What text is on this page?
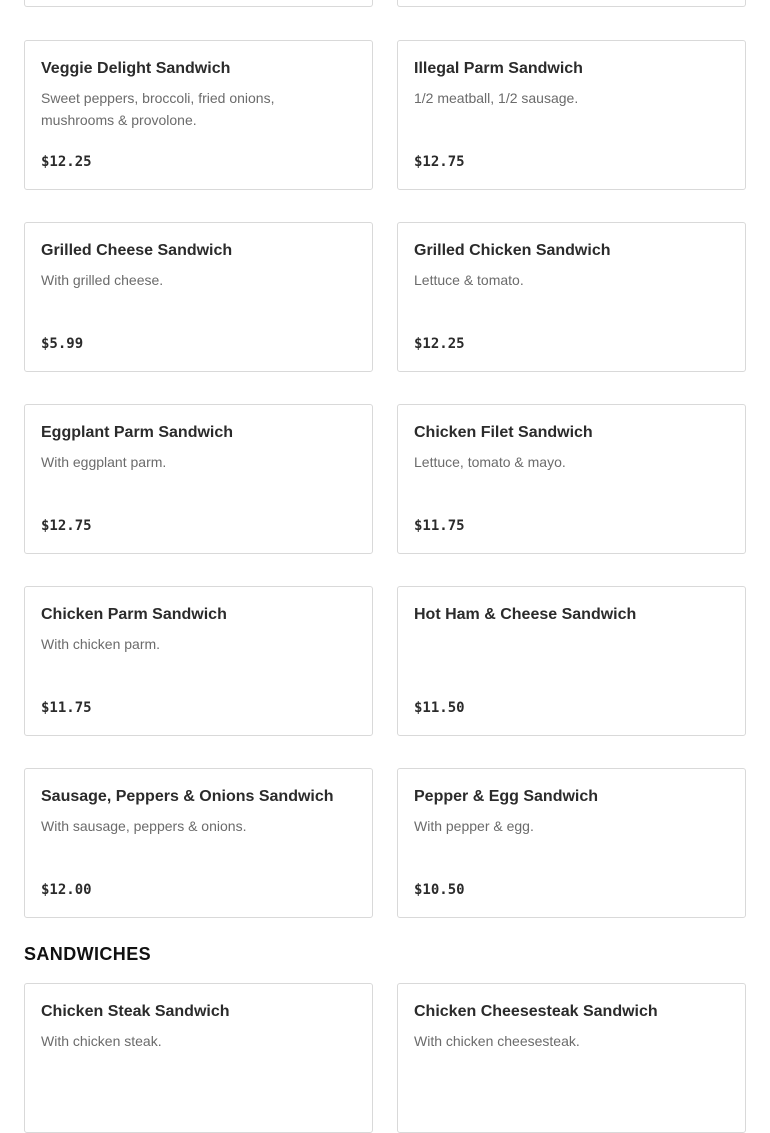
Veggie Delight Sandwich
Sweet peppers, broccoli, fried onions, mushrooms & provolone.
$12.25
Illegal Parm Sandwich
1/2 meatball, 1/2 sausage.
$12.75
Grilled Cheese Sandwich
With grilled cheese.
$5.99
Grilled Chicken Sandwich
Lettuce & tomato.
$12.25
Eggplant Parm Sandwich
With eggplant parm.
$12.75
Chicken Filet Sandwich
Lettuce, tomato & mayo.
$11.75
Chicken Parm Sandwich
With chicken parm.
$11.75
Hot Ham & Cheese Sandwich
$11.50
Sausage, Peppers & Onions Sandwich
With sausage, peppers & onions.
$12.00
Pepper & Egg Sandwich
With pepper & egg.
$10.50
SANDWICHES
Chicken Steak Sandwich
With chicken steak.
Chicken Cheesesteak Sandwich
With chicken cheesesteak.
